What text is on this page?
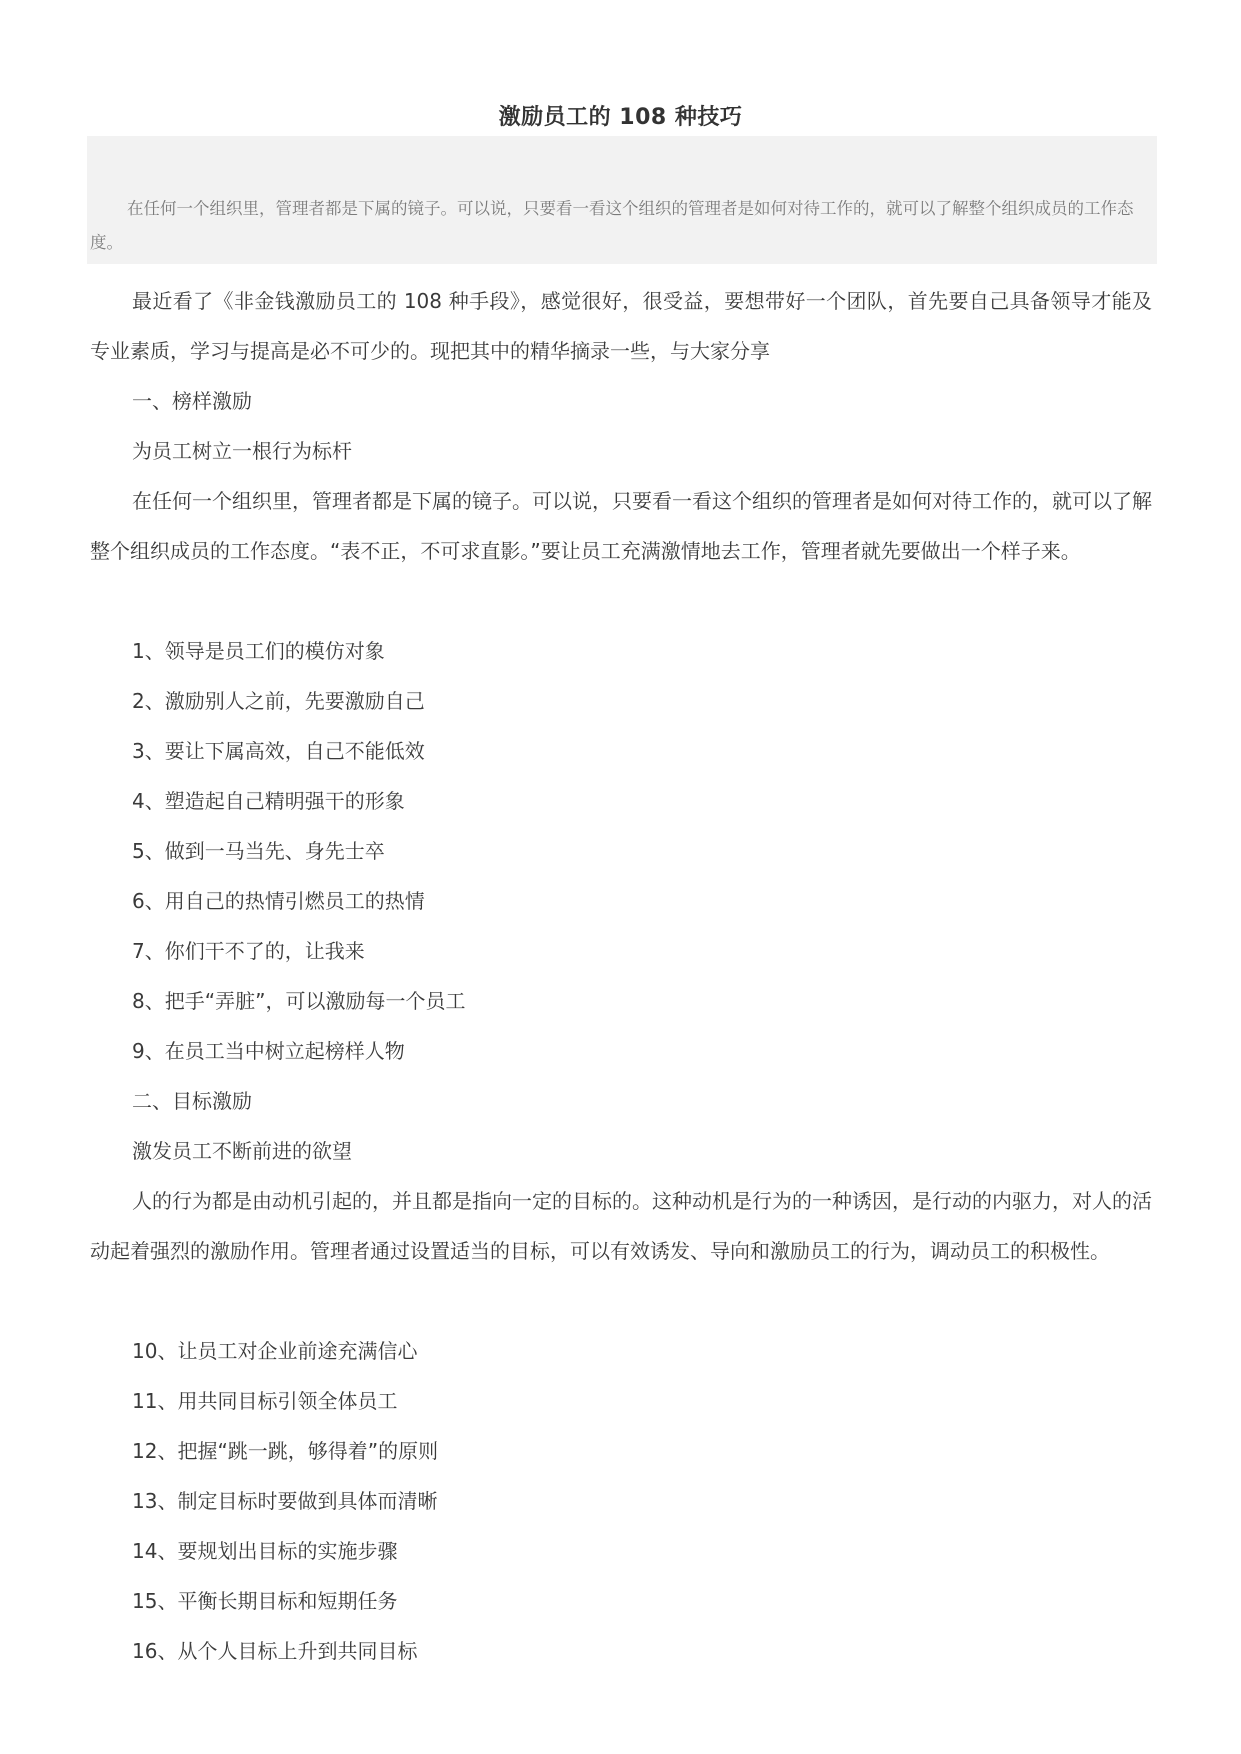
激励员工的 108 种技巧

在任何一个组织里，管理者都是下属的镜子。可以说，只要看一看这个组织的管理者是如何对待工作的，就可以了解整个组织成员的工作态度。

最近看了《非金钱激励员工的 108 种手段》，感觉很好，很受益，要想带好一个团队，首先要自己具备领导才能及专业素质，学习与提高是必不可少的。现把其中的精华摘录一些，与大家分享

一、榜样激励

为员工树立一根行为标杆

在任何一个组织里，管理者都是下属的镜子。可以说，只要看一看这个组织的管理者是如何对待工作的，就可以了解整个组织成员的工作态度。“表不正，不可求直影。”要让员工充满激情地去工作，管理者就先要做出一个样子来。

1、领导是员工们的模仿对象

2、激励别人之前，先要激励自己

3、要让下属高效，自己不能低效

4、塑造起自己精明强干的形象

5、做到一马当先、身先士卒

6、用自己的热情引燃员工的热情

7、你们干不了的，让我来

8、把手“弄脏”，可以激励每一个员工

9、在员工当中树立起榜样人物

二、目标激励

激发员工不断前进的欲望

人的行为都是由动机引起的，并且都是指向一定的目标的。这种动机是行为的一种诱因，是行动的内驱力，对人的活动起着强烈的激励作用。管理者通过设置适当的目标，可以有效诱发、导向和激励员工的行为，调动员工的积极性。

10、让员工对企业前途充满信心

11、用共同目标引领全体员工

12、把握“跳一跳，够得着”的原则

13、制定目标时要做到具体而清晰

14、要规划出目标的实施步骤

15、平衡长期目标和短期任务

16、从个人目标上升到共同目标
